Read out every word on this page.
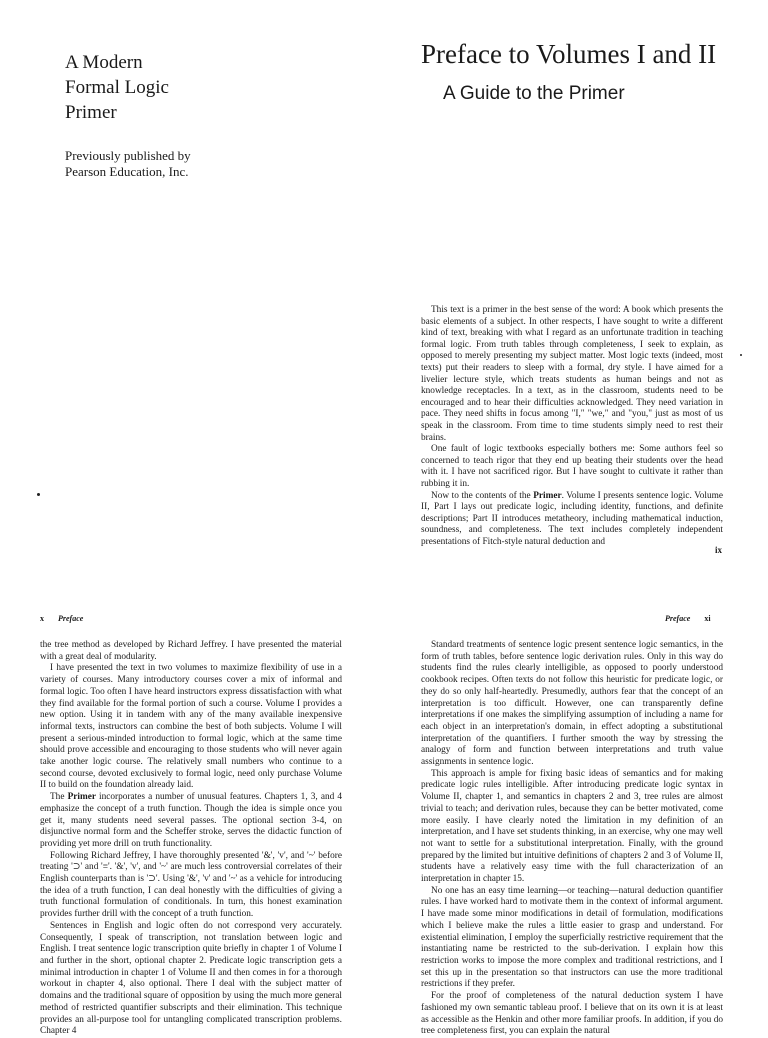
A Modern
Formal Logic
Primer
Previously published by
Pearson Education, Inc.
Preface to Volumes I and II
A Guide to the Primer

This text is a primer in the best sense of the word: A book which presents the basic elements of a subject. In other respects, I have sought to write a different kind of text, breaking with what I regard as an unfortunate tradition in teaching formal logic. From truth tables through completeness, I seek to explain, as opposed to merely presenting my subject matter. Most logic texts (indeed, most texts) put their readers to sleep with a formal, dry style. I have aimed for a livelier lecture style, which treats students as human beings and not as knowledge receptacles. In a text, as in the classroom, students need to be encouraged and to hear their difficulties acknowledged. They need variation in pace. They need shifts in focus among "I," "we," and "you," just as most of us speak in the classroom. From time to time students simply need to rest their brains.

One fault of logic textbooks especially bothers me: Some authors feel so concerned to teach rigor that they end up beating their students over the head with it. I have not sacrificed rigor. But I have sought to cultivate it rather than rubbing it in.

Now to the contents of the Primer. Volume I presents sentence logic. Volume II, Part I lays out predicate logic, including identity, functions, and definite descriptions; Part II introduces metatheory, including mathematical induction, soundness, and completeness. The text includes completely independent presentations of Fitch-style natural deduction and

ix
x Preface	Preface xi

the tree method as developed by Richard Jeffrey. I have presented the material with a great deal of modularity.

I have presented the text in two volumes to maximize flexibility of use in a variety of courses. Many introductory courses cover a mix of informal and formal logic. Too often I have heard instructors express dissatisfaction with what they find available for the formal portion of such a course. Volume I provides a new option. Using it in tandem with any of the many available inexpensive informal texts, instructors can combine the best of both subjects. Volume I will present a serious-minded introduction to formal logic, which at the same time should prove accessible and encouraging to those students who will never again take another logic course. The relatively small numbers who continue to a second course, devoted exclusively to formal logic, need only purchase Volume II to build on the foundation already laid.

The Primer incorporates a number of unusual features. Chapters 1, 3, and 4 emphasize the concept of a truth function. Though the idea is simple once you get it, many students need several passes. The optional section 3-4, on disjunctive normal form and the Scheffer stroke, serves the didactic function of providing yet more drill on truth functionality.

Following Richard Jeffrey, I have thoroughly presented '&', 'v', and '~' before treating '⊃' and '≡'. '&', 'v', and '~' are much less controversial correlates of their English counterparts than is '⊃'. Using '&', 'v' and '~' as a vehicle for introducing the idea of a truth function, I can deal honestly with the difficulties of giving a truth functional formulation of conditionals. In turn, this honest examination provides further drill with the concept of a truth function.

Sentences in English and logic often do not correspond very accurately. Consequently, I speak of transcription, not translation between logic and English. I treat sentence logic transcription quite briefly in chapter 1 of Volume I and further in the short, optional chapter 2. Predicate logic transcription gets a minimal introduction in chapter 1 of Volume II and then comes in for a thorough workout in chapter 4, also optional. There I deal with the subject matter of domains and the traditional square of opposition by using the much more general method of restricted quantifier subscripts and their elimination. This technique provides an all-purpose tool for untangling complicated transcription problems. Chapter 4

Standard treatments of sentence logic present sentence logic semantics, in the form of truth tables, before sentence logic derivation rules. Only in this way do students find the rules clearly intelligible, as opposed to poorly understood cookbook recipes. Often texts do not follow this heuristic for predicate logic, or they do so only half-heartedly. Presumedly, authors fear that the concept of an interpretation is too difficult. However, one can transparently define interpretations if one makes the simplifying assumption of including a name for each object in an interpretation's domain, in effect adopting a substitutional interpretation of the quantifiers. I further smooth the way by stressing the analogy of form and function between interpretations and truth value assignments in sentence logic.

This approach is ample for fixing basic ideas of semantics and for making predicate logic rules intelligible. After introducing predicate logic syntax in Volume II, chapter 1, and semantics in chapters 2 and 3, tree rules are almost trivial to teach; and derivation rules, because they can be better motivated, come more easily. I have clearly noted the limitation in my definition of an interpretation, and I have set students thinking, in an exercise, why one may well not want to settle for a substitutional interpretation. Finally, with the ground prepared by the limited but intuitive definitions of chapters 2 and 3 of Volume II, students have a relatively easy time with the full characterization of an interpretation in chapter 15.

No one has an easy time learning—or teaching—natural deduction quantifier rules. I have worked hard to motivate them in the context of informal argument. I have made some minor modifications in detail of formulation, modifications which I believe make the rules a little easier to grasp and understand. For existential elimination, I employ the superficially restrictive requirement that the instantiating name be restricted to the sub-derivation. I explain how this restriction works to impose the more complex and traditional restrictions, and I set this up in the presentation so that instructors can use the more traditional restrictions if they prefer.

For the proof of completeness of the natural deduction system I have fashioned my own semantic tableau proof. I believe that on its own it is at least as accessible as the Henkin and other more familiar proofs. In addition, if you do tree completeness first, you can explain the natural
